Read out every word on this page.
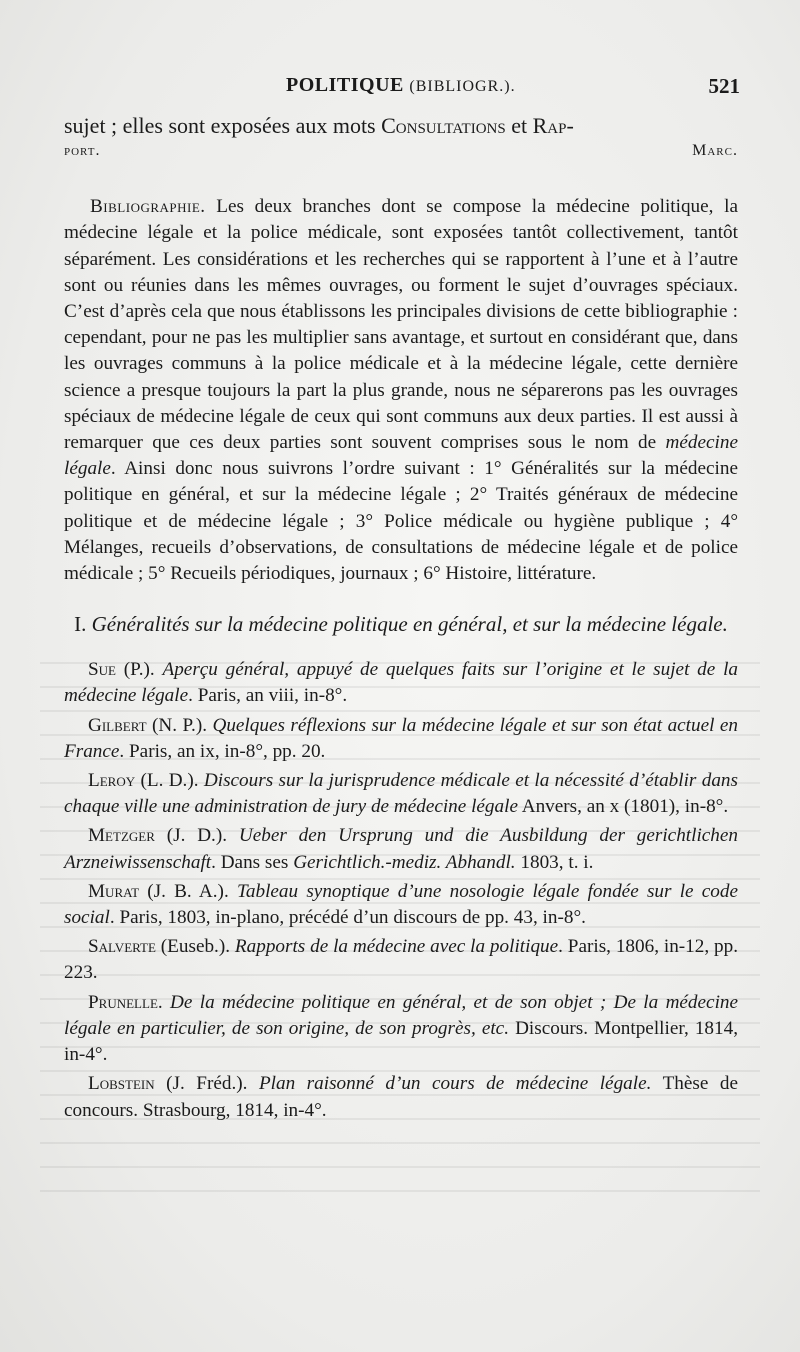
POLITIQUE (BIBLIOGR.).	521

sujet ; elles sont exposées aux mots Consultations et Rap-

port.	Marc.

Bibliographie. Les deux branches dont se compose la médecine politique, la médecine légale et la police médicale, sont exposées tantôt collectivement, tantôt séparément. Les considérations et les recherches qui se rapportent à l’une et à l’autre sont ou réunies dans les mêmes ouvrages, ou forment le sujet d’ouvrages spéciaux. C’est d’après cela que nous établissons les principales divisions de cette bibliographie : cependant, pour ne pas les multiplier sans avantage, et surtout en considérant que, dans les ouvrages communs à la police médicale et à la médecine légale, cette dernière science a presque toujours la part la plus grande, nous ne séparerons pas les ouvrages spéciaux de médecine légale de ceux qui sont communs aux deux parties. Il est aussi à remarquer que ces deux parties sont souvent comprises sous le nom de médecine légale. Ainsi donc nous suivrons l’ordre suivant : 1° Généralités sur la médecine politique en général, et sur la médecine légale ; 2° Traités généraux de médecine politique et de médecine légale ; 3° Police médicale ou hygiène publique ; 4° Mélanges, recueils d’observations, de consultations de médecine légale et de police médicale ; 5° Recueils périodiques, journaux ; 6° Histoire, littérature.

I. Généralités sur la médecine politique en général, et sur la médecine légale.

Sue (P.). Aperçu général, appuyé de quelques faits sur l’origine et le sujet de la médecine légale. Paris, an viii, in-8°.

Gilbert (N. P.). Quelques réflexions sur la médecine légale et sur son état actuel en France. Paris, an ix, in-8°, pp. 20.

Leroy (L. D.). Discours sur la jurisprudence médicale et la nécessité d’établir dans chaque ville une administration de jury de médecine légale Anvers, an x (1801), in-8°.

Metzger (J. D.). Ueber den Ursprung und die Ausbildung der gerichtlichen Arzneiwissenschaft. Dans ses Gerichtlich.-mediz. Abhandl. 1803, t. i.

Murat (J. B. A.). Tableau synoptique d’une nosologie légale fondée sur le code social. Paris, 1803, in-plano, précédé d’un discours de pp. 43, in-8°.

Salverte (Euseb.). Rapports de la médecine avec la politique. Paris, 1806, in-12, pp. 223.

Prunelle. De la médecine politique en général, et de son objet ; De la médecine légale en particulier, de son origine, de son progrès, etc. Discours. Montpellier, 1814, in-4°.

Lobstein (J. Fréd.). Plan raisonné d’un cours de médecine légale. Thèse de concours. Strasbourg, 1814, in-4°.
